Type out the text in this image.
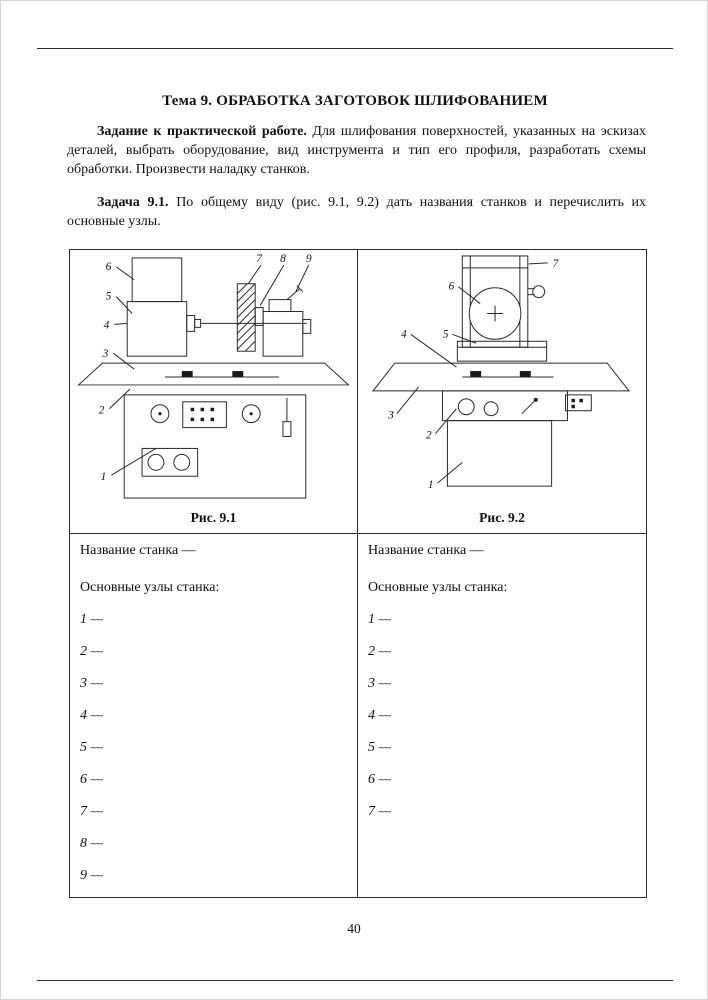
Тема 9. ОБРАБОТКА ЗАГОТОВОК ШЛИФОВАНИЕМ

Задание к практической работе. Для шлифования поверхностей, указанных на эскизах деталей, выбрать оборудование, вид инструмента и тип его профиля, разработать схемы обработки. Произвести наладку станков.

Задача 9.1. По общему виду (рис. 9.1, 9.2) дать названия станков и перечислить их основные узлы.

6
5
4
3
2
1
7 8 9
Рис. 9.1
7
6
5
4
3
2
1
Рис. 9.2
Название станка —
Основные узлы станка:
1 —
2 —
3 —
4 —
5 —
6 —
7 —
8 —
9 —
Название станка —
Основные узлы станка:
1 —
2 —
3 —
4 —
5 —
6 —
7 —
40
